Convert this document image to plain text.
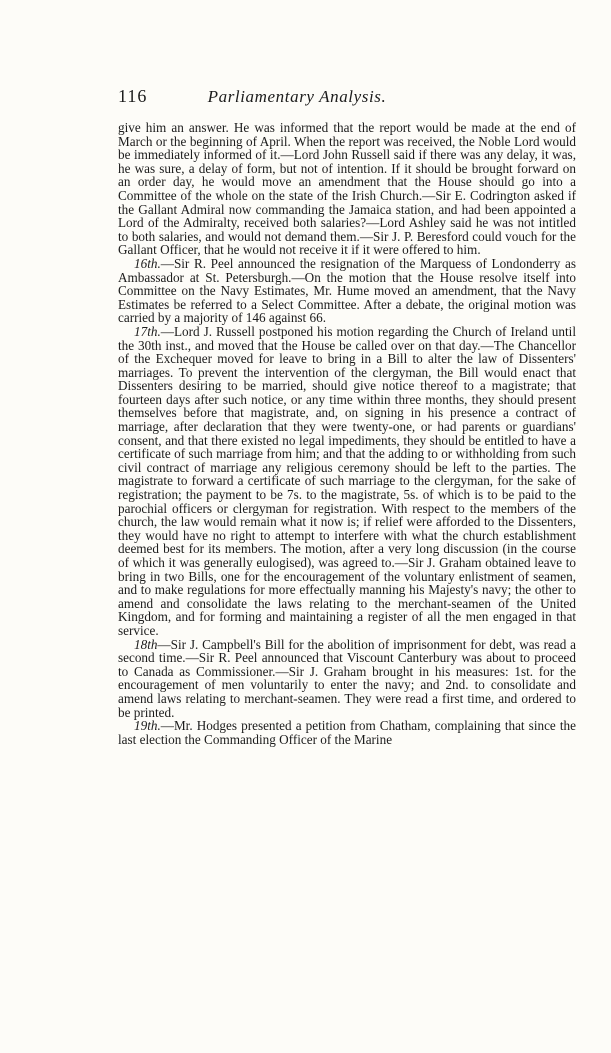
116	Parliamentary Analysis.

give him an answer. He was informed that the report would be made at the end of March or the beginning of April. When the report was received, the Noble Lord would be immediately informed of it.—Lord John Russell said if there was any delay, it was, he was sure, a delay of form, but not of intention. If it should be brought forward on an order day, he would move an amendment that the House should go into a Committee of the whole on the state of the Irish Church.—Sir E. Codrington asked if the Gallant Admiral now commanding the Jamaica station, and had been appointed a Lord of the Admiralty, received both salaries?—Lord Ashley said he was not intitled to both salaries, and would not demand them.—Sir J. P. Beresford could vouch for the Gallant Officer, that he would not receive it if it were offered to him.

16th.—Sir R. Peel announced the resignation of the Marquess of Londonderry as Ambassador at St. Petersburgh.—On the motion that the House resolve itself into Committee on the Navy Estimates, Mr. Hume moved an amendment, that the Navy Estimates be referred to a Select Committee. After a debate, the original motion was carried by a majority of 146 against 66.

17th.—Lord J. Russell postponed his motion regarding the Church of Ireland until the 30th inst., and moved that the House be called over on that day.—The Chancellor of the Exchequer moved for leave to bring in a Bill to alter the law of Dissenters' marriages. To prevent the intervention of the clergyman, the Bill would enact that Dissenters desiring to be married, should give notice thereof to a magistrate; that fourteen days after such notice, or any time within three months, they should present themselves before that magistrate, and, on signing in his presence a contract of marriage, after declaration that they were twenty-one, or had parents or guardians' consent, and that there existed no legal impediments, they should be entitled to have a certificate of such marriage from him; and that the adding to or withholding from such civil contract of marriage any religious ceremony should be left to the parties. The magistrate to forward a certificate of such marriage to the clergyman, for the sake of registration; the payment to be 7s. to the magistrate, 5s. of which is to be paid to the parochial officers or clergyman for registration. With respect to the members of the church, the law would remain what it now is; if relief were afforded to the Dissenters, they would have no right to attempt to interfere with what the church establishment deemed best for its members. The motion, after a very long discussion (in the course of which it was generally eulogised), was agreed to.—Sir J. Graham obtained leave to bring in two Bills, one for the encouragement of the voluntary enlistment of seamen, and to make regulations for more effectually manning his Majesty's navy; the other to amend and consolidate the laws relating to the merchant-seamen of the United Kingdom, and for forming and maintaining a register of all the men engaged in that service.

18th—Sir J. Campbell's Bill for the abolition of imprisonment for debt, was read a second time.—Sir R. Peel announced that Viscount Canterbury was about to proceed to Canada as Commissioner.—Sir J. Graham brought in his measures: 1st. for the encouragement of men voluntarily to enter the navy; and 2nd. to consolidate and amend laws relating to merchant-seamen. They were read a first time, and ordered to be printed.

19th.—Mr. Hodges presented a petition from Chatham, complaining that since the last election the Commanding Officer of the Marine
